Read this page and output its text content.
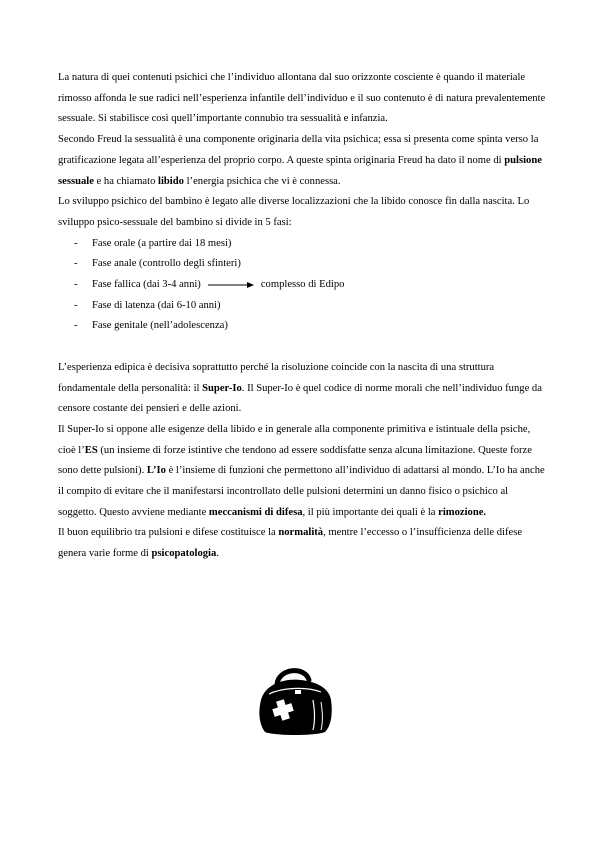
La natura di quei contenuti psichici che l’individuo allontana dal suo orizzonte cosciente è quando il materiale rimosso affonda le sue radici nell’esperienza infantile dell’individuo e il suo contenuto è di natura prevalentemente sessuale. Si stabilisce così quell’importante connubio tra sessualità e infanzia.

Secondo Freud la sessualità è una componente originaria della vita psichica; essa si presenta come spinta verso la gratificazione legata all’esperienza del proprio corpo. A queste spinta originaria Freud ha dato il nome di pulsione sessuale e ha chiamato libido l’energia psichica che vi è connessa.

Lo sviluppo psichico del bambino è legato alle diverse localizzazioni che la libido conosce fin dalla nascita. Lo sviluppo psico-sessuale del bambino si divide in 5 fasi:

- Fase orale (a partire dai 18 mesi)
- Fase anale (controllo degli sfinteri)
- Fase fallica (dai 3-4 anni)	complesso di Edipo
- Fase di latenza (dai 6-10 anni)
- Fase genitale (nell’adolescenza)

L’esperienza edipica è decisiva soprattutto perché la risoluzione coincide con la nascita di una struttura fondamentale della personalità: il Super-Io. Il Super-Io è quel codice di norme morali che nell’individuo funge da censore costante dei pensieri e delle azioni.

Il Super-Io si oppone alle esigenze della libido e in generale alla componente primitiva e istintuale della psiche, cioè l’ES (un insieme di forze istintive che tendono ad essere soddisfatte senza alcuna limitazione. Queste forze sono dette pulsioni). L’Io è l’insieme di funzioni che permettono all’individuo di adattarsi al mondo. L’Io ha anche il compito di evitare che il manifestarsi incontrollato delle pulsioni determini un danno fisico o psichico al soggetto. Questo avviene mediante meccanismi di difesa, il più importante dei quali è la rimozione.

Il buon equilibrio tra pulsioni e difese costituisce la normalità, mentre l’eccesso o l’insufficienza delle difese genera varie forme di psicopatologia.
